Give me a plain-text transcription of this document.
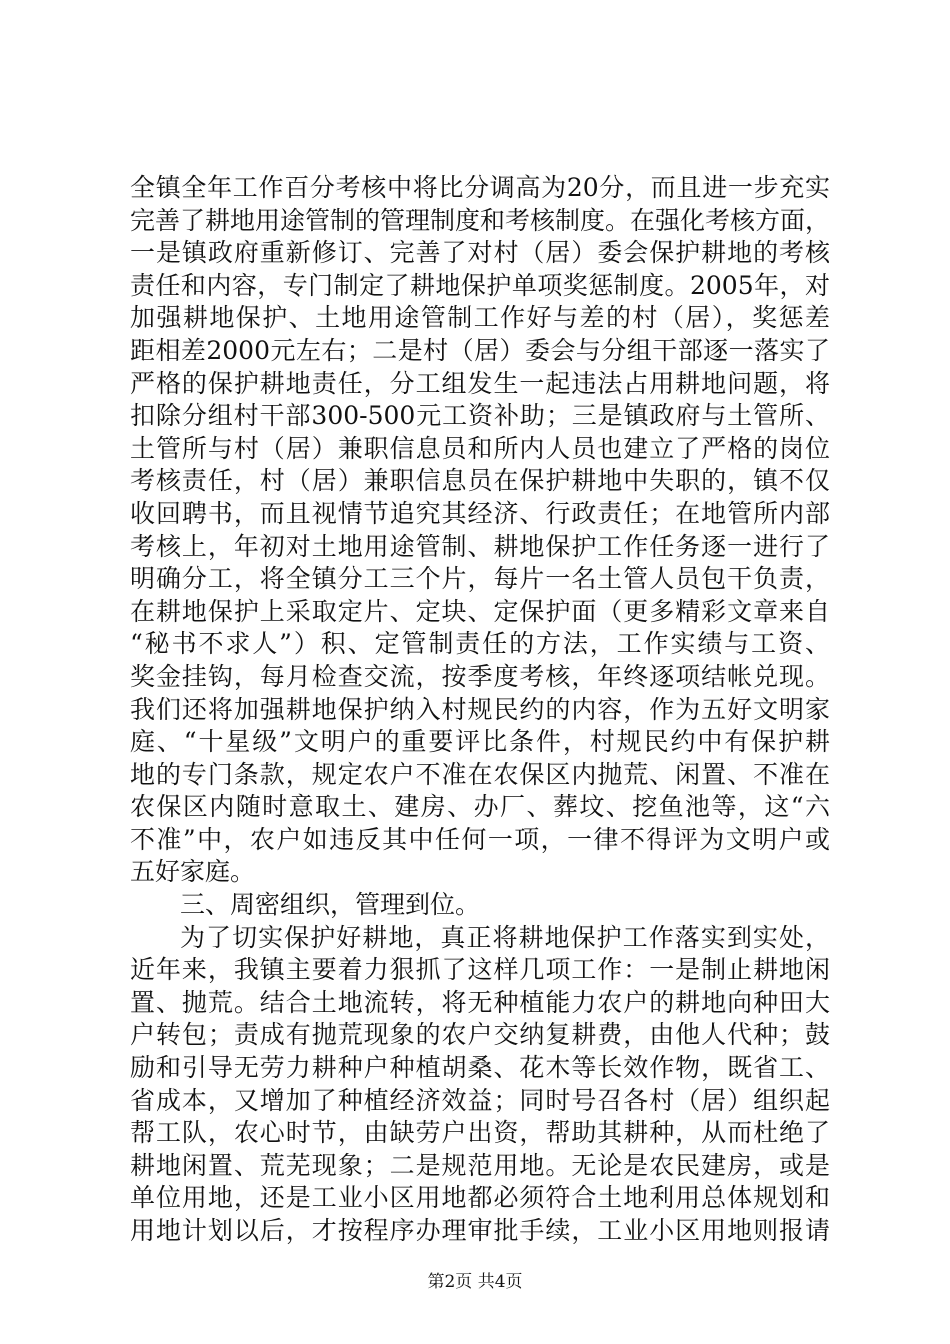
全镇全年工作百分考核中将比分调高为20分，而且进一步充实
完善了耕地用途管制的管理制度和考核制度。在强化考核方面，
一是镇政府重新修订、完善了对村（居）委会保护耕地的考核
责任和内容，专门制定了耕地保护单项奖惩制度。2005年，对
加强耕地保护、土地用途管制工作好与差的村（居），奖惩差
距相差2000元左右；二是村（居）委会与分组干部逐一落实了
严格的保护耕地责任，分工组发生一起违法占用耕地问题，将
扣除分组村干部300-500元工资补助；三是镇政府与土管所、
土管所与村（居）兼职信息员和所内人员也建立了严格的岗位
考核责任，村（居）兼职信息员在保护耕地中失职的，镇不仅
收回聘书，而且视情节追究其经济、行政责任；在地管所内部
考核上，年初对土地用途管制、耕地保护工作任务逐一进行了
明确分工，将全镇分工三个片，每片一名土管人员包干负责，
在耕地保护上采取定片、定块、定保护面（更多精彩文章来自
“秘书不求人”）积、定管制责任的方法，工作实绩与工资、
奖金挂钩，每月检查交流，按季度考核，年终逐项结帐兑现。
我们还将加强耕地保护纳入村规民约的内容，作为五好文明家
庭、“十星级”文明户的重要评比条件，村规民约中有保护耕
地的专门条款，规定农户不准在农保区内抛荒、闲置、不准在
农保区内随时意取土、建房、办厂、葬坟、挖鱼池等，这“六
不准”中，农户如违反其中任何一项，一律不得评为文明户或
五好家庭。
三、周密组织，管理到位。
为了切实保护好耕地，真正将耕地保护工作落实到实处，
近年来，我镇主要着力狠抓了这样几项工作：一是制止耕地闲
置、抛荒。结合土地流转，将无种植能力农户的耕地向种田大
户转包；责成有抛荒现象的农户交纳复耕费，由他人代种；鼓
励和引导无劳力耕种户种植胡桑、花木等长效作物，既省工、
省成本，又增加了种植经济效益；同时号召各村（居）组织起
帮工队，农心时节，由缺劳户出资，帮助其耕种，从而杜绝了
耕地闲置、荒芜现象；二是规范用地。无论是农民建房，或是
单位用地，还是工业小区用地都必须符合土地利用总体规划和
用地计划以后，才按程序办理审批手续，工业小区用地则报请
第2页 共4页
